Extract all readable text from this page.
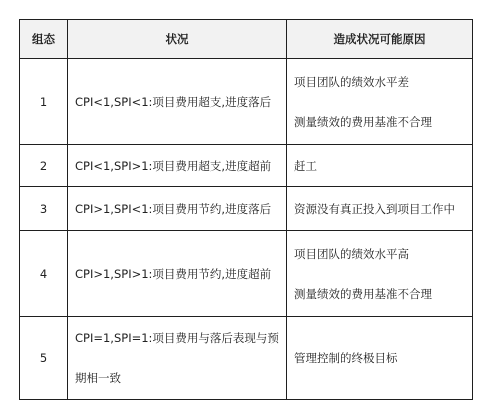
组态	状况	造成状况可能原因
1	CPI<1,SPI<1:项目费用超支,进度落后	项目团队的绩效水平差
测量绩效的费用基准不合理

2	CPI<1,SPI>1:项目费用超支,进度超前	赶工

3	CPI>1,SPI<1:项目费用节约,进度落后	资源没有真正投入到项目工作中

4	CPI>1,SPI>1:项目费用节约,进度超前	项目团队的绩效水平高
测量绩效的费用基准不合理

5	CPI=1,SPI=1:项目费用与落后表现与预
期相一致	管理控制的终极目标
